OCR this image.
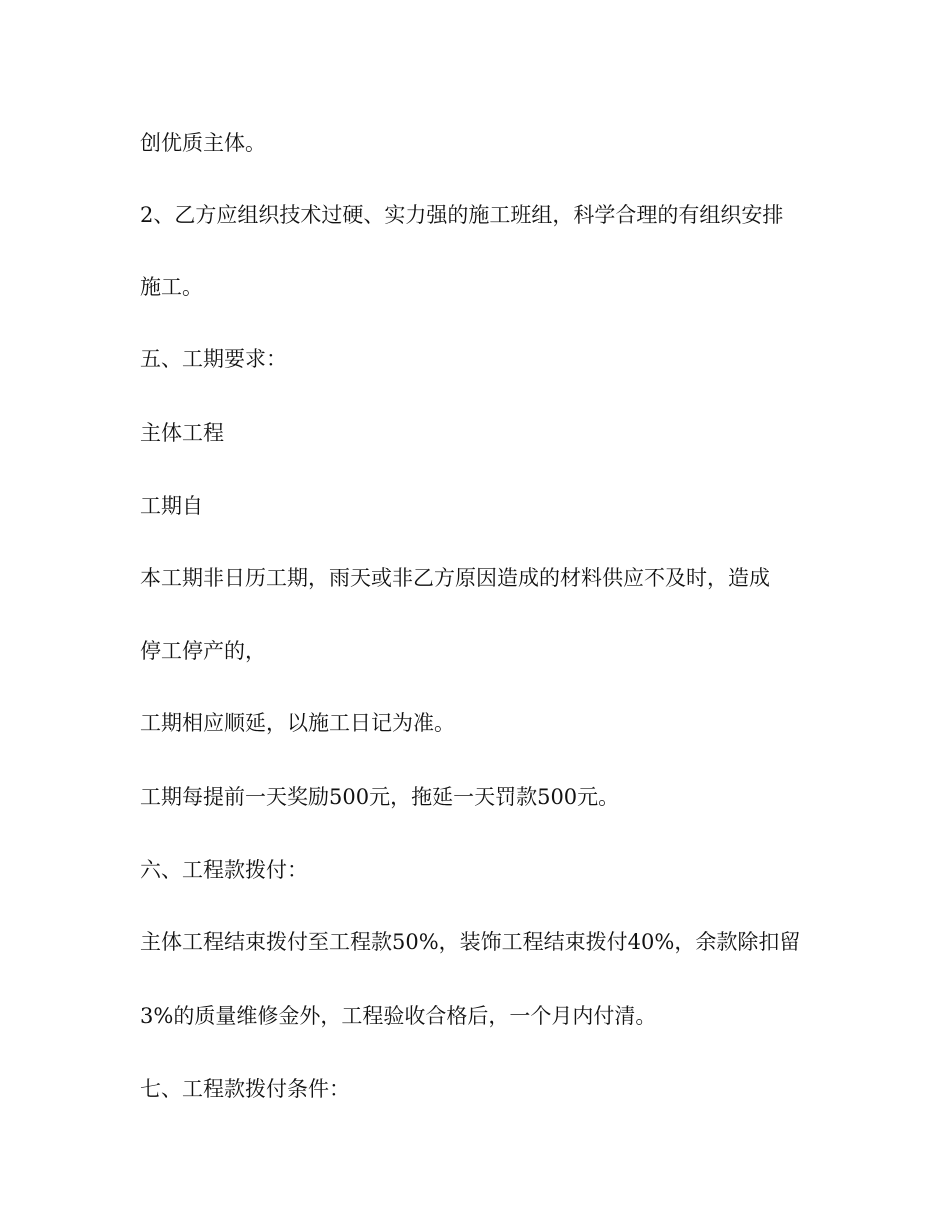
创优质主体。
2、乙方应组织技术过硬、实力强的施工班组，科学合理的有组织安排
施工。
五、工期要求：
主体工程
工期自
本工期非日历工期，雨天或非乙方原因造成的材料供应不及时，造成
停工停产的，
工期相应顺延，以施工日记为准。
工期每提前一天奖励500元，拖延一天罚款500元。
六、工程款拨付：
主体工程结束拨付至工程款50%，装饰工程结束拨付40%，余款除扣留
3%的质量维修金外，工程验收合格后，一个月内付清。
七、工程款拨付条件：
